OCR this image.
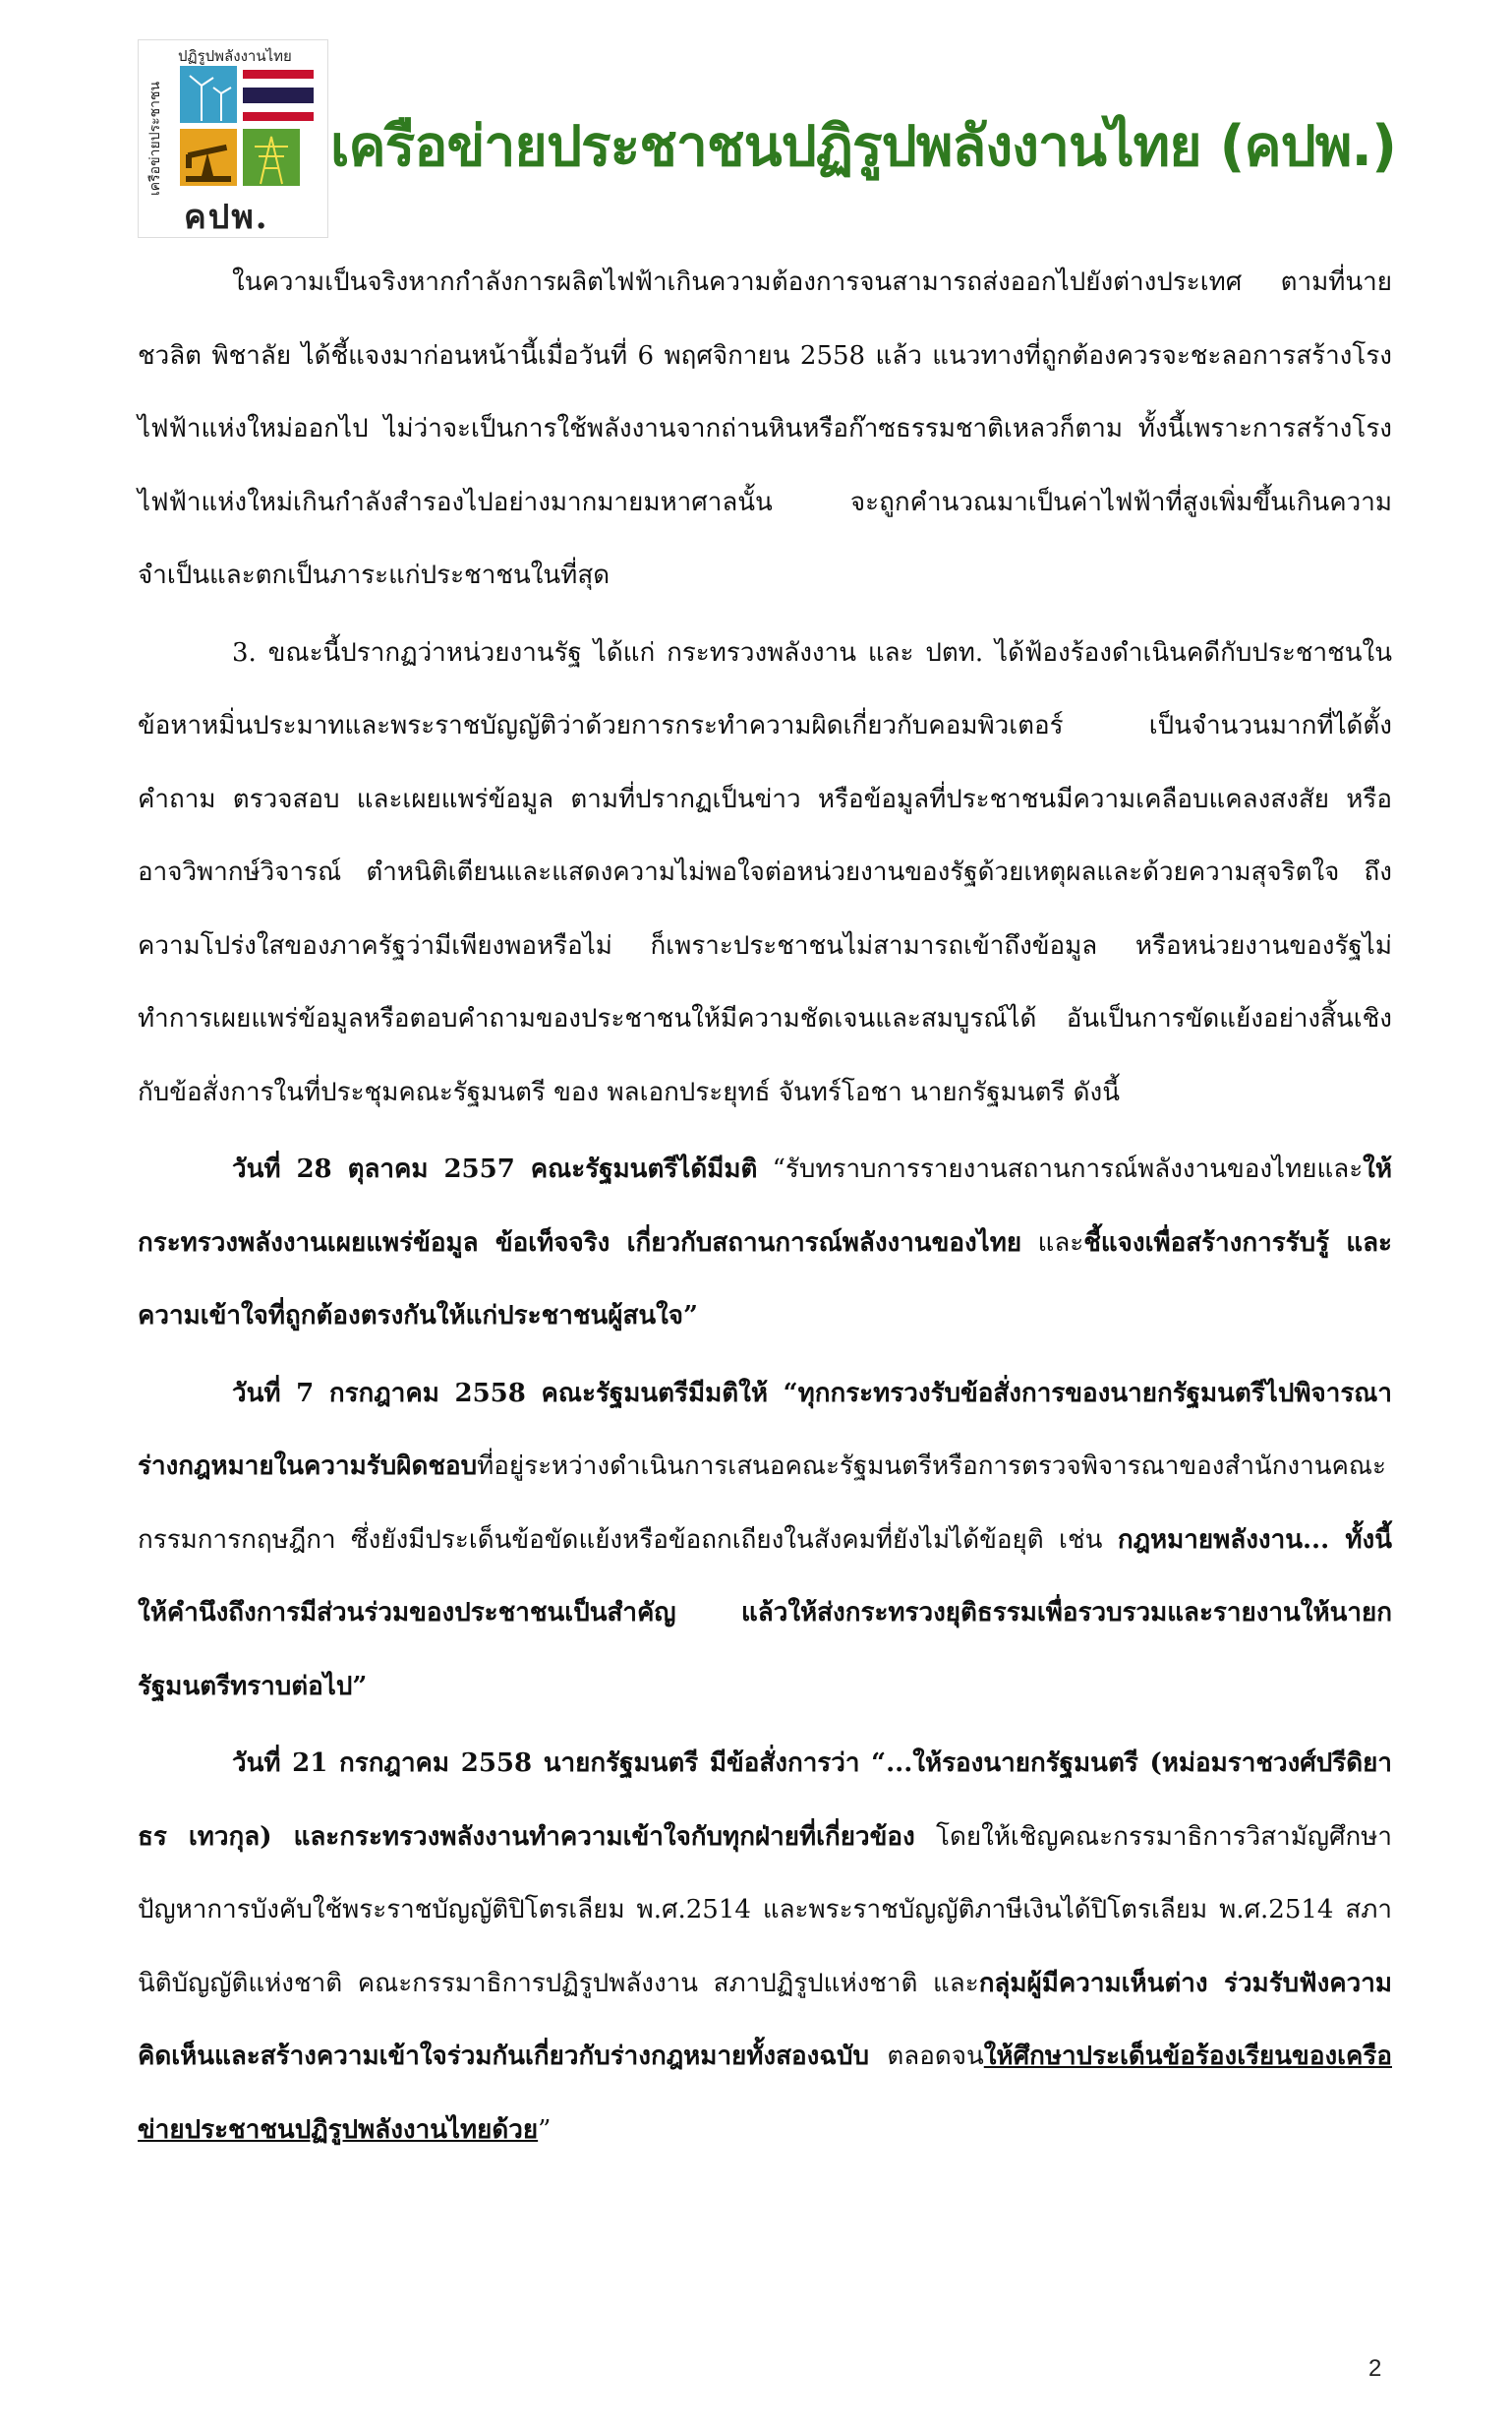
ปฏิรูปพลังงานไทย
เครือข่ายประชาชน
คปพ.
เครือข่ายประชาชนปฏิรูปพลังงานไทย (คปพ.)

ในความเป็นจริงหากกำลังการผลิตไฟฟ้าเกินความต้องการจนสามารถส่งออกไปยังต่างประเทศ ตามที่นายชวลิต พิชาลัย ได้ชี้แจงมาก่อนหน้านี้เมื่อวันที่ 6 พฤศจิกายน 2558 แล้ว แนวทางที่ถูกต้องควรจะชะลอการสร้างโรงไฟฟ้าแห่งใหม่ออกไป ไม่ว่าจะเป็นการใช้พลังงานจากถ่านหินหรือก๊าซธรรมชาติเหลวก็ตาม ทั้งนี้เพราะการสร้างโรงไฟฟ้าแห่งใหม่เกินกำลังสำรองไปอย่างมากมายมหาศาลนั้น จะถูกคำนวณมาเป็นค่าไฟฟ้าที่สูงเพิ่มขึ้นเกินความจำเป็นและตกเป็นภาระแก่ประชาชนในที่สุด

3. ขณะนี้ปรากฏว่าหน่วยงานรัฐ ได้แก่ กระทรวงพลังงาน และ ปตท. ได้ฟ้องร้องดำเนินคดีกับประชาชนในข้อหาหมิ่นประมาทและพระราชบัญญัติว่าด้วยการกระทำความผิดเกี่ยวกับคอมพิวเตอร์ เป็นจำนวนมากที่ได้ตั้งคำถาม ตรวจสอบ และเผยแพร่ข้อมูล ตามที่ปรากฏเป็นข่าว หรือข้อมูลที่ประชาชนมีความเคลือบแคลงสงสัย หรืออาจวิพากษ์วิจารณ์ ตำหนิติเตียนและแสดงความไม่พอใจต่อหน่วยงานของรัฐด้วยเหตุผลและด้วยความสุจริตใจ ถึงความโปร่งใสของภาครัฐว่ามีเพียงพอหรือไม่ ก็เพราะประชาชนไม่สามารถเข้าถึงข้อมูล หรือหน่วยงานของรัฐไม่ทำการเผยแพร่ข้อมูลหรือตอบคำถามของประชาชนให้มีความชัดเจนและสมบูรณ์ได้ อันเป็นการขัดแย้งอย่างสิ้นเชิงกับข้อสั่งการในที่ประชุมคณะรัฐมนตรี ของ พลเอกประยุทธ์ จันทร์โอชา นายกรัฐมนตรี ดังนี้

วันที่ 28 ตุลาคม 2557 คณะรัฐมนตรีได้มีมติ “รับทราบการรายงานสถานการณ์พลังงานของไทยและให้กระทรวงพลังงานเผยแพร่ข้อมูล ข้อเท็จจริง เกี่ยวกับสถานการณ์พลังงานของไทย และชี้แจงเพื่อสร้างการรับรู้ และความเข้าใจที่ถูกต้องตรงกันให้แก่ประชาชนผู้สนใจ”

วันที่ 7 กรกฎาคม 2558 คณะรัฐมนตรีมีมติให้ “ทุกกระทรวงรับข้อสั่งการของนายกรัฐมนตรีไปพิจารณาร่างกฎหมายในความรับผิดชอบที่อยู่ระหว่างดำเนินการเสนอคณะรัฐมนตรีหรือการตรวจพิจารณาของสำนักงานคณะกรรมการกฤษฎีกา ซึ่งยังมีประเด็นข้อขัดแย้งหรือข้อถกเถียงในสังคมที่ยังไม่ได้ข้อยุติ เช่น กฎหมายพลังงาน... ทั้งนี้ให้คำนึงถึงการมีส่วนร่วมของประชาชนเป็นสำคัญ แล้วให้ส่งกระทรวงยุติธรรมเพื่อรวบรวมและรายงานให้นายกรัฐมนตรีทราบต่อไป”

วันที่ 21 กรกฎาคม 2558 นายกรัฐมนตรี มีข้อสั่งการว่า “...ให้รองนายกรัฐมนตรี (หม่อมราชวงศ์ปรีดิยาธร เทวกุล) และกระทรวงพลังงานทำความเข้าใจกับทุกฝ่ายที่เกี่ยวข้อง โดยให้เชิญคณะกรรมาธิการวิสามัญศึกษาปัญหาการบังคับใช้พระราชบัญญัติปิโตรเลียม พ.ศ.2514 และพระราชบัญญัติภาษีเงินได้ปิโตรเลียม พ.ศ.2514 สภานิติบัญญัติแห่งชาติ คณะกรรมาธิการปฏิรูปพลังงาน สภาปฏิรูปแห่งชาติ และกลุ่มผู้มีความเห็นต่าง ร่วมรับฟังความคิดเห็นและสร้างความเข้าใจร่วมกันเกี่ยวกับร่างกฎหมายทั้งสองฉบับ ตลอดจนให้ศึกษาประเด็นข้อร้องเรียนของเครือข่ายประชาชนปฏิรูปพลังงานไทยด้วย”

2
